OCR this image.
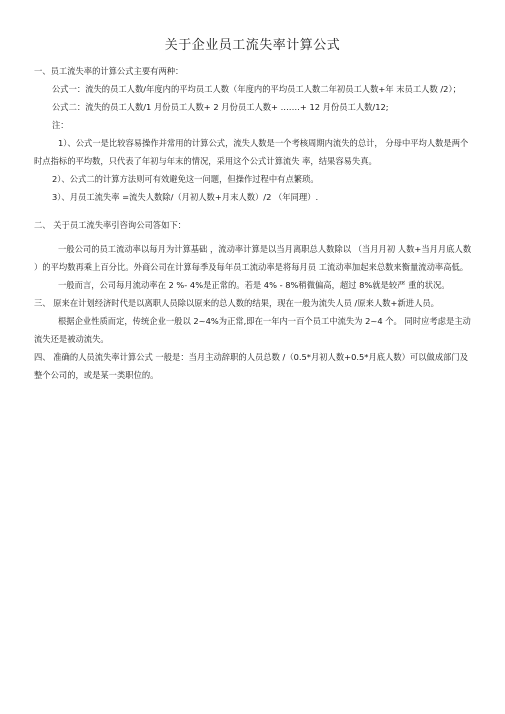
关于企业员工流失率计算公式

一、员工流失率的计算公式主要有两种：

公式一：流失的员工人数/年度内的平均员工人数（年度内的平均员工人数二年初员工人数+年 末员工人数 /2）；

公式二：流失的员工人数/1 月份员工人数+ 2 月份员工人数+ .……+ 12 月份员工人数/12;

注：

1）、公式一是比较容易操作并常用的计算公式，流失人数是一个考核周期内流失的总计， 分母中平均人数是两个时点指标的平均数，只代表了年初与年末的情况，采用这个公式计算流失 率，结果容易失真。

2）、公式二的计算方法则可有效避免这一问题，但操作过程中有点繁琐。

3）、月员工流失率 =流失人数除/（月初人数+月末人数）/2 （年同理）.

二、 关于员工流失率引咨询公司答如下：

一般公司的员工流动率以每月为计算基础 ，流动率计算是以当月离职总人数除以 （当月月初 人数+当月月底人数 ）的平均数再乘上百分比。外商公司在计算每季及每年员工流动率是将每月员 工流动率加起来总数来衡量流动率高低。

一般而言，公司每月流动率在 2 %- 4%是正常的。若是 4% - 8%稍微偏高，超过 8%就是较严 重的状况。

三、 原来在计划经济时代是以离职人员除以原来的总人数的结果，现在一般为流失人员 /原来人数+新进人员。

根据企业性质而定，传统企业一般以 2~4%为正常,即在一年内一百个员工中流失为 2~4 个。 同时应考虑是主动流失还是被动流失。

四、 准确的人员流失率计算公式 一般是：当月主动辞职的人员总数 /（0.5*月初人数+0.5*月底人数）可以做成部门及整个公司的，或是某一类职位的。
